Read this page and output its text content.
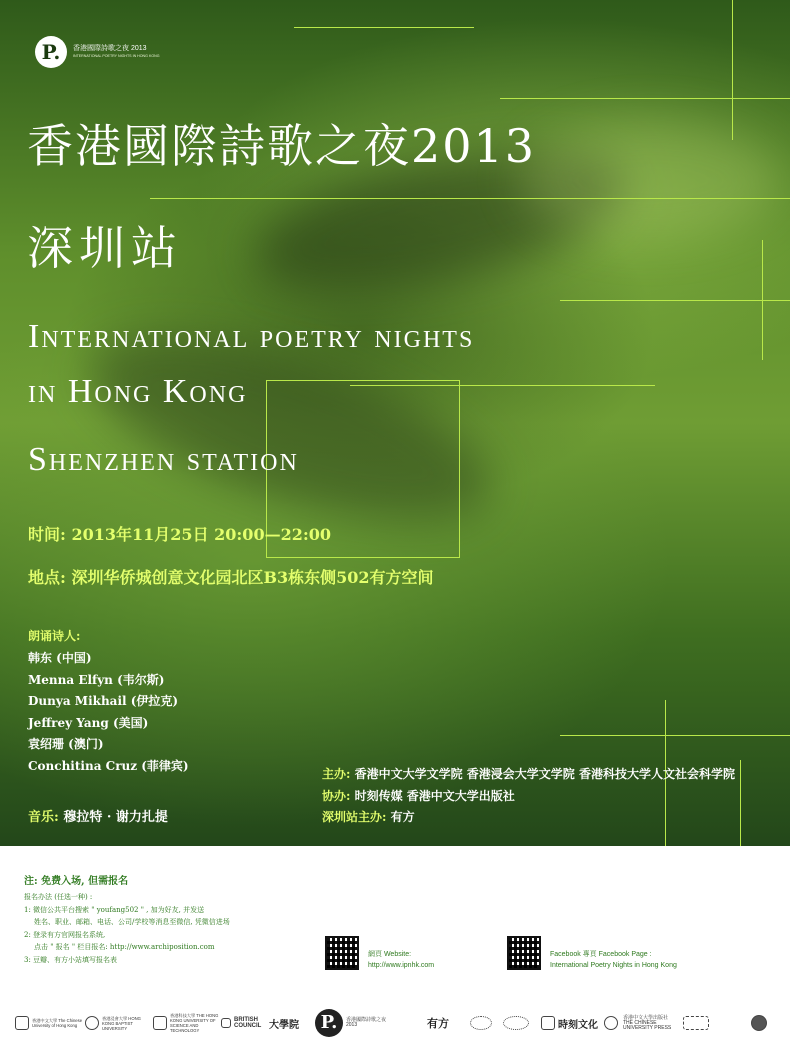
P.	香港國際詩歌之夜 2013
INTERNATIONAL POETRY NIGHTS IN HONG KONG
香港國際詩歌之夜2013
深圳站
International poetry nights
in Hong Kong
Shenzhen station
时间: 2013年11月25日 20:00—22:00
地点: 深圳华侨城创意文化园北区B3栋东侧502有方空间
朗诵诗人:
韩东 (中国)
Menna Elfyn (韦尔斯)
Dunya Mikhail (伊拉克)
Jeffrey Yang (美国)
袁绍珊 (澳门)
Conchitina Cruz (菲律宾)
音乐: 穆拉特 · 谢力扎提
主办: 香港中文大学文学院 香港浸会大学文学院 香港科技大学人文社会科学院
协办: 时刻传媒 香港中文大学出版社
深圳站主办: 有方
注: 免费入场, 但需报名
报名办法 (任选一种) :
1: 微信公共平台搜索 " youfang502 " , 加为好友, 并发送
姓名、职业、邮箱、电话、公司/学校等消息至微信, 凭微信进场
2: 登录有方官网报名系统,
点击 " 报名 " 栏目报名: http://www.archiposition.com
3: 豆瓣、有方小站填写报名表
網頁 Website:
http://www.ipnhk.com
Facebook 專頁 Facebook Page :
International Poetry Nights in Hong Kong
香港中文大學 The Chinese University of Hong Kong
香港浸會大學 HONG KONG BAPTIST UNIVERSITY
香港科技大學 THE HONG KONG UNIVERSITY OF SCIENCE AND TECHNOLOGY
BRITISH COUNCIL 大學院	P.	香港國際詩歌之夜 2013	有方	時刻文化
香港中文大學出版社 THE CHINESE UNIVERSITY PRESS
